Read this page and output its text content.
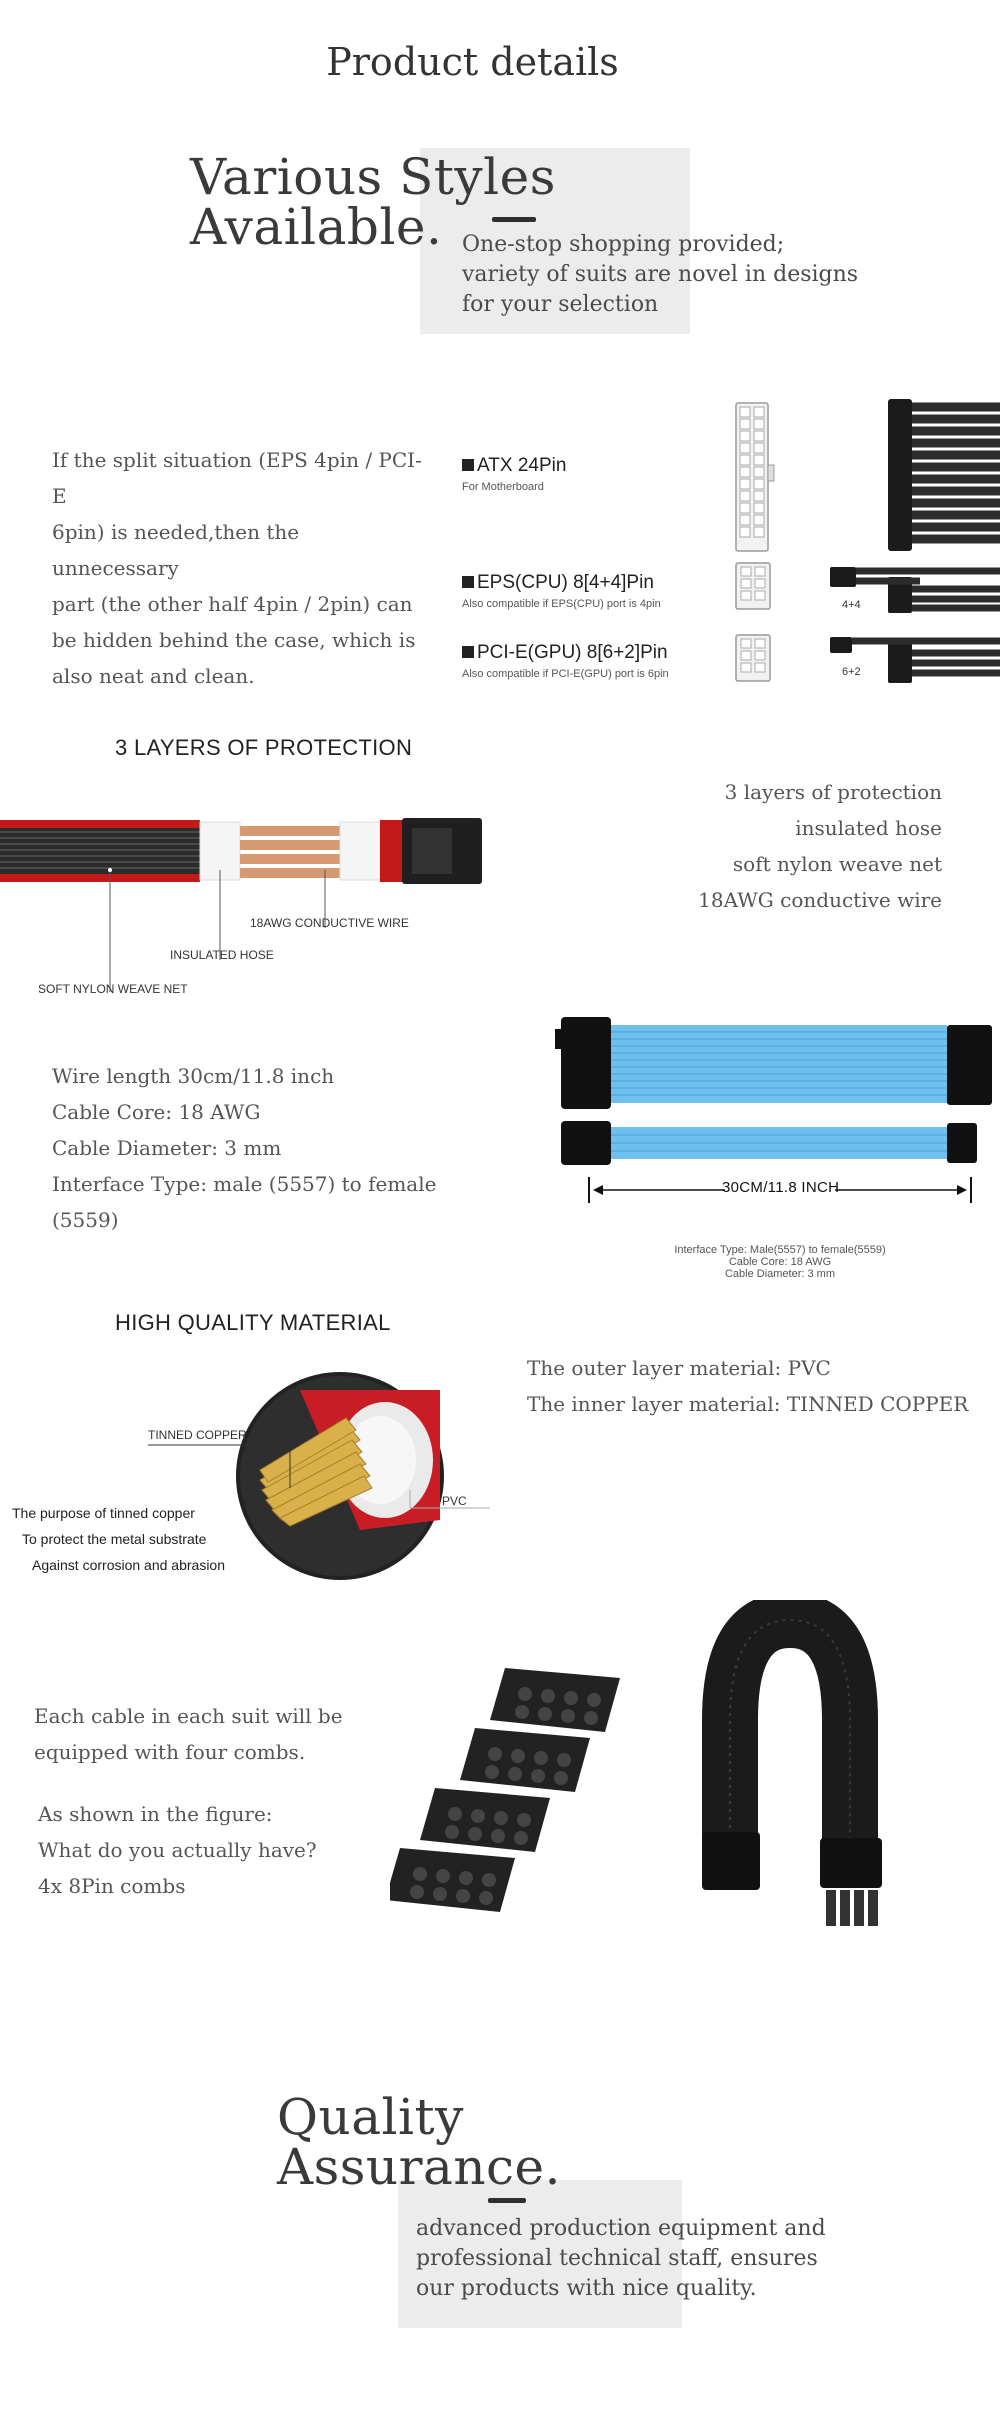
Product details
Various Styles
Available. One-stop shopping provided;
variety of suits are novel in designs
for your selection
If the split situation (EPS 4pin / PCI-E
6pin) is needed,then the unnecessary
part (the other half 4pin / 2pin) can
be hidden behind the case, which is
also neat and clean.
ATX 24Pin
For Motherboard
EPS(CPU) 8[4+4]Pin
Also compatible if EPS(CPU) port is 4pin
PCI-E(GPU) 8[6+2]Pin
Also compatible if PCI-E(GPU) port is 6pin
4+4
6+2
3 LAYERS OF PROTECTION
18AWG CONDUCTIVE WIRE
INSULATED HOSE
SOFT NYLON WEAVE NET
3 layers of protection
insulated hose
soft nylon weave net
18AWG conductive wire
Wire length 30cm/11.8 inch
Cable Core: 18 AWG
Cable Diameter: 3 mm
Interface Type: male (5557) to female
(5559)
30CM/11.8 INCH
Interface Type: Male(5557) to female(5559)
Cable Core: 18 AWG
Cable Diameter: 3 mm
HIGH QUALITY MATERIAL
TINNED COPPER
PVC
The purpose of tinned copper
To protect the metal substrate
Against corrosion and abrasion
The outer layer material: PVC
The inner layer material: TINNED COPPER
Each cable in each suit will be
equipped with four combs.
As shown in the figure:
What do you actually have?
4x 8Pin combs
Quality
Assurance.
advanced production equipment and
professional technical staff, ensures
our products with nice quality.
